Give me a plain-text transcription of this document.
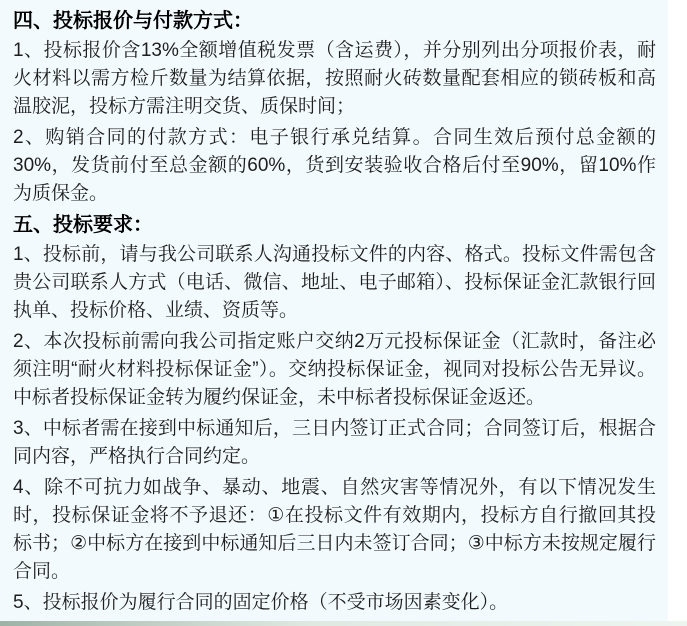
四、投标报价与付款方式：

1、投标报价含13%全额增值税发票（含运费），并分别列出分项报价表，耐火材料以需方检斤数量为结算依据，按照耐火砖数量配套相应的锁砖板和高温胶泥，投标方需注明交货、质保时间；

2、购销合同的付款方式：电子银行承兑结算。合同生效后预付总金额的30%，发货前付至总金额的60%，货到安装验收合格后付至90%，留10%作为质保金。

五、投标要求：

1、投标前，请与我公司联系人沟通投标文件的内容、格式。投标文件需包含贵公司联系人方式（电话、微信、地址、电子邮箱）、投标保证金汇款银行回执单、投标价格、业绩、资质等。

2、本次投标前需向我公司指定账户交纳2万元投标保证金（汇款时，备注必须注明“耐火材料投标保证金”）。交纳投标保证金，视同对投标公告无异议。中标者投标保证金转为履约保证金，未中标者投标保证金返还。

3、中标者需在接到中标通知后，三日内签订正式合同；合同签订后，根据合同内容，严格执行合同约定。

4、除不可抗力如战争、暴动、地震、自然灾害等情况外，有以下情况发生时，投标保证金将不予退还：①在投标文件有效期内，投标方自行撤回其投标书；②中标方在接到中标通知后三日内未签订合同；③中标方未按规定履行合同。

5、投标报价为履行合同的固定价格（不受市场因素变化）。
